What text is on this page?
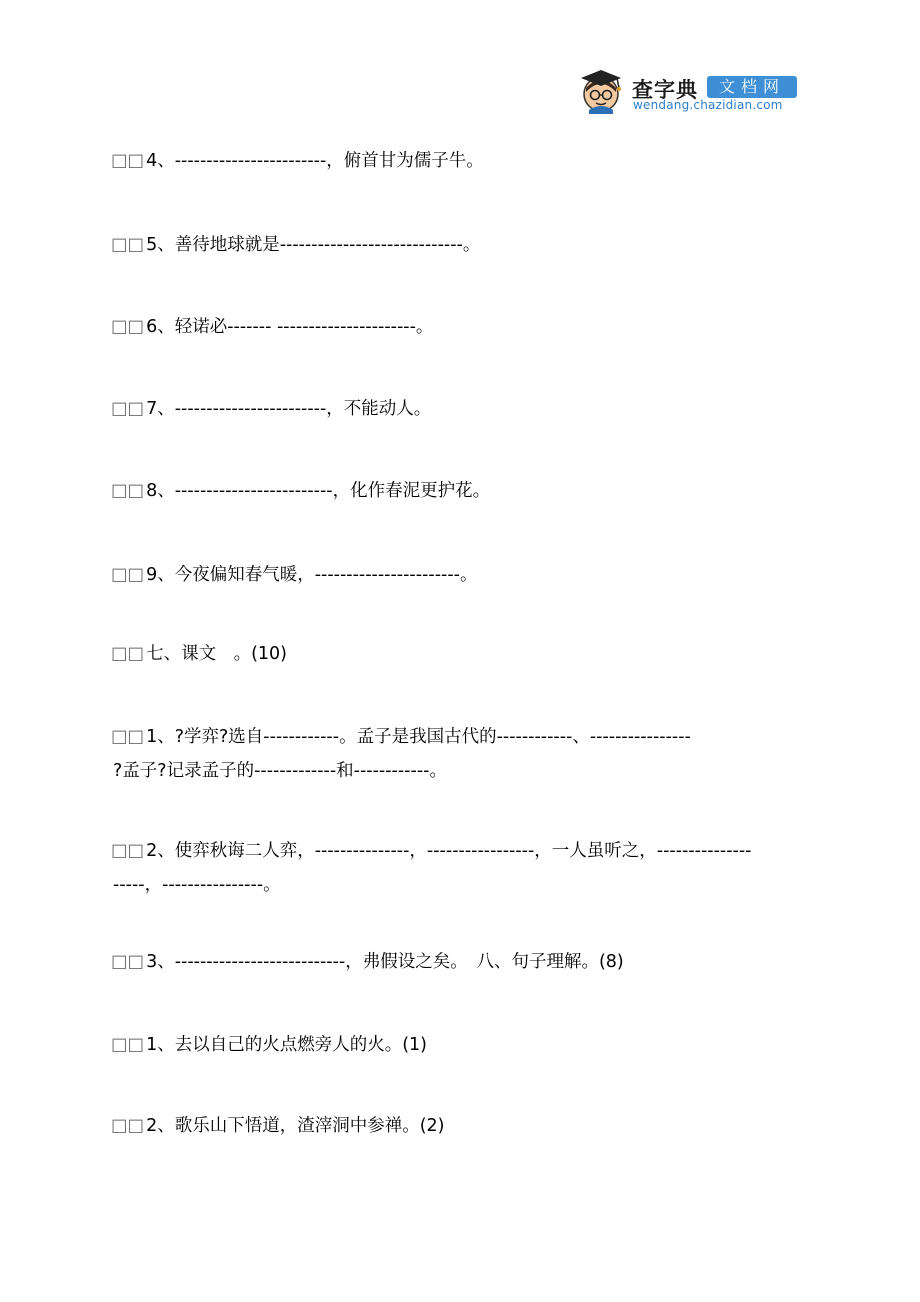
查字典	文档网
wendang.chazidian.com
□□ 4、------------------------，俯首甘为儒子牛。
□□ 5、善待地球就是-----------------------------。
□□ 6、轻诺必------- ----------------------。
□□ 7、------------------------，不能动人。
□□ 8、-------------------------，化作春泥更护花。
□□ 9、今夜偏知春气暖，-----------------------。
□□ 七、课文　。(10)
□□ 1、?学弈?选自------------。孟子是我国古代的------------、----------------
?孟子?记录孟子的-------------和------------。
□□ 2、使弈秋诲二人弈，---------------，-----------------，一人虽听之，---------------
-----，----------------。
□□ 3、---------------------------，弗假设之矣。　八、句子理解。(8)
□□ 1、去以自己的火点燃旁人的火。(1)
□□ 2、歌乐山下悟道，渣滓洞中参禅。(2)
